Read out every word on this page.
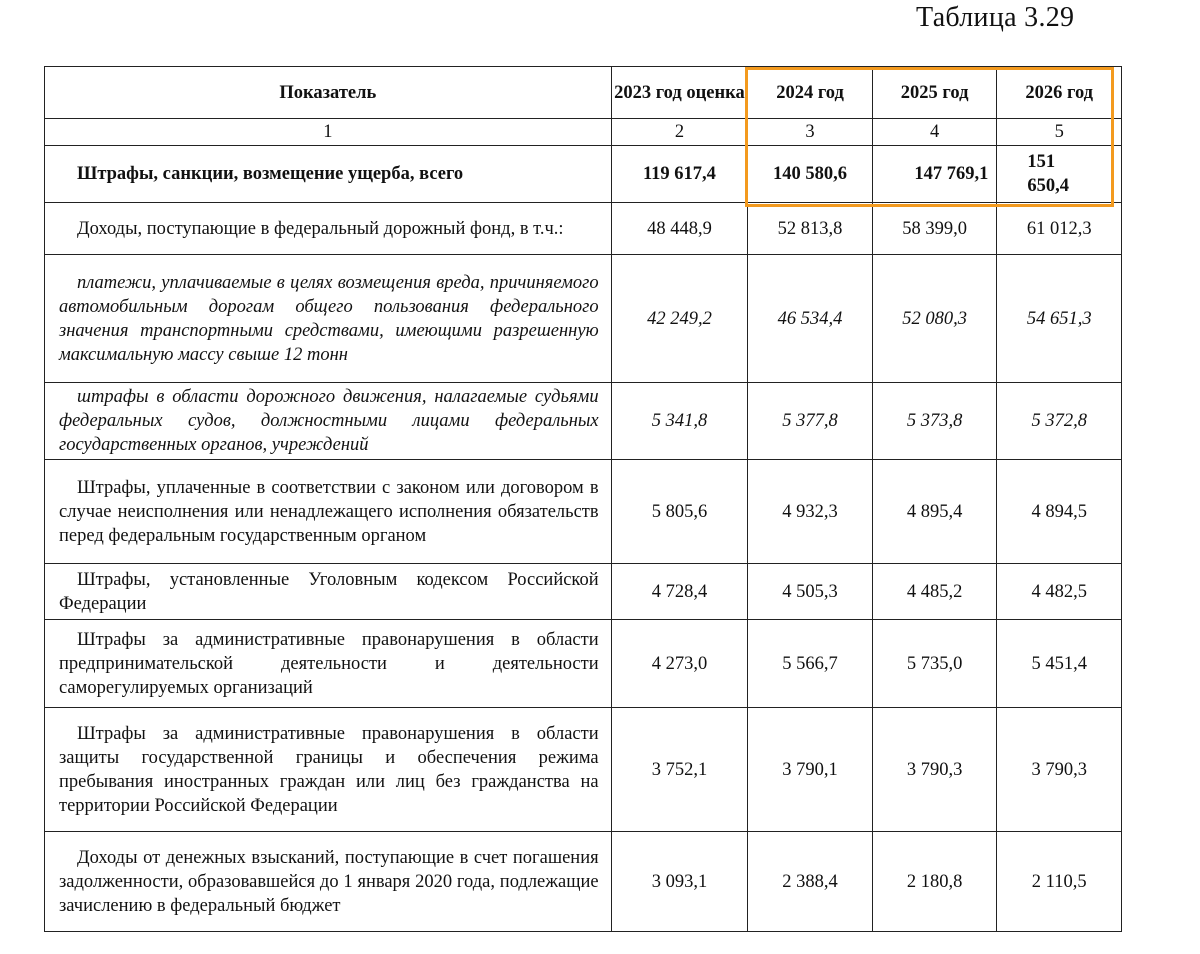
Таблица 3.29
Показатель	2023 год оценка	2024 год	2025 год	2026 год
1	2	3	4	5
Штрафы, санкции, возмещение ущерба, всего	119 617,4	140 580,6	147 769,1	151 650,4
Доходы, поступающие в федеральный дорожный фонд, в т.ч.:	48 448,9	52 813,8	58 399,0	61 012,3
платежи, уплачиваемые в целях возмещения вреда, причиняемого автомобильным дорогам общего пользования федерального значения транспортными средствами, имеющими разрешенную максимальную массу свыше 12 тонн	42 249,2	46 534,4	52 080,3	54 651,3
штрафы в области дорожного движения, налагаемые судьями федеральных судов, должностными лицами федеральных государственных органов, учреждений	5 341,8	5 377,8	5 373,8	5 372,8
Штрафы, уплаченные в соответствии с законом или договором в случае неисполнения или ненадлежащего исполнения обязательств перед федеральным государственным органом	5 805,6	4 932,3	4 895,4	4 894,5
Штрафы, установленные Уголовным кодексом Российской Федерации	4 728,4	4 505,3	4 485,2	4 482,5
Штрафы за административные правонарушения в области предпринимательской деятельности и деятельности саморегулируемых организаций	4 273,0	5 566,7	5 735,0	5 451,4
Штрафы за административные правонарушения в области защиты государственной границы и обеспечения режима пребывания иностранных граждан или лиц без гражданства на территории Российской Федерации	3 752,1	3 790,1	3 790,3	3 790,3
Доходы от денежных взысканий, поступающие в счет погашения задолженности, образовавшейся до 1 января 2020 года, подлежащие зачислению в федеральный бюджет	3 093,1	2 388,4	2 180,8	2 110,5
